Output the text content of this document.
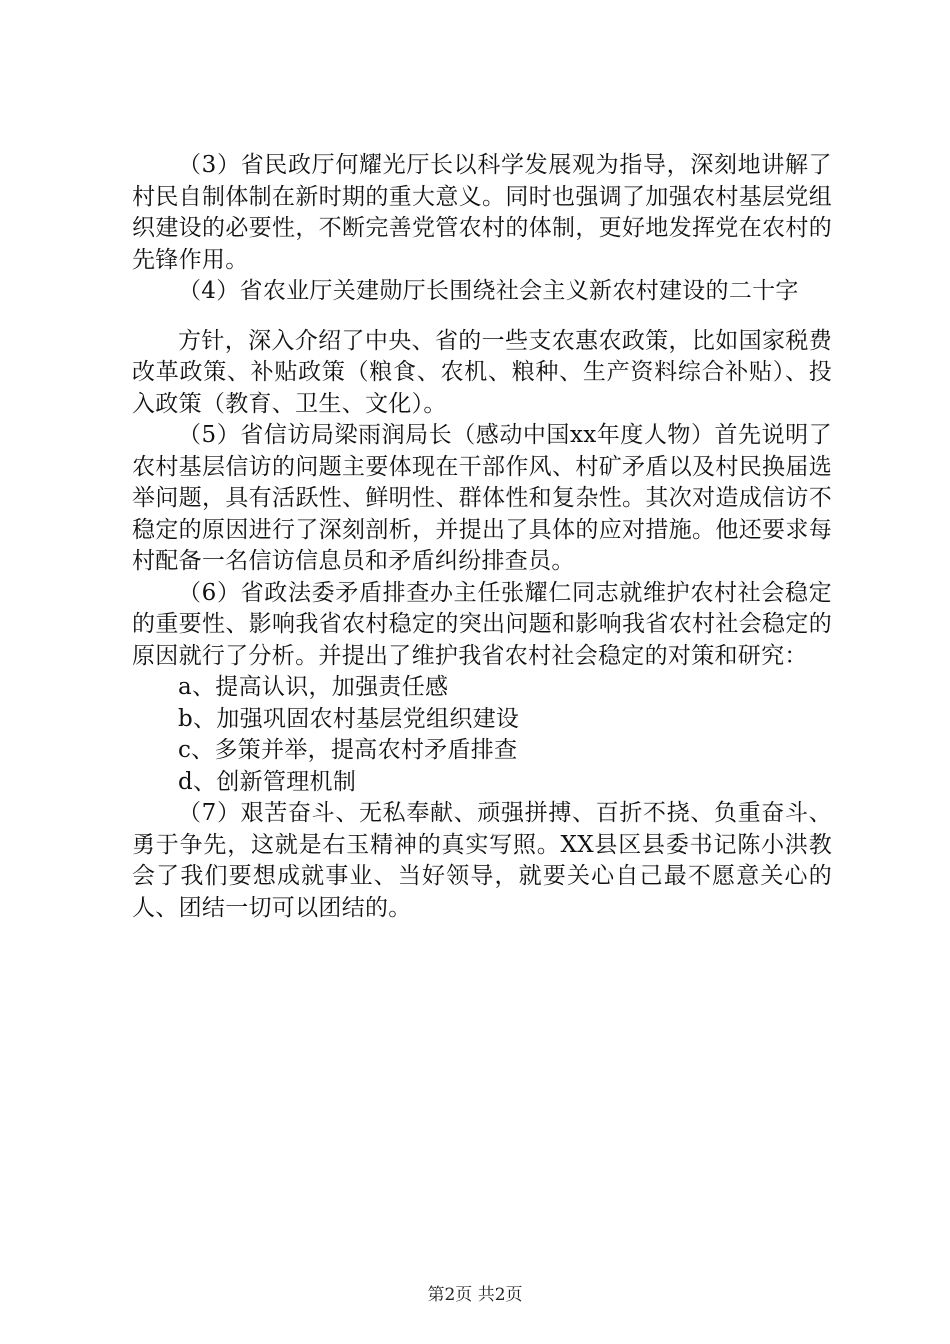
（3）省民政厅何耀光厅长以科学发展观为指导，深刻地讲解了村民自制体制在新时期的重大意义。同时也强调了加强农村基层党组织建设的必要性，不断完善党管农村的体制，更好地发挥党在农村的先锋作用。

（4）省农业厅关建勋厅长围绕社会主义新农村建设的二十字

方针，深入介绍了中央、省的一些支农惠农政策，比如国家税费改革政策、补贴政策（粮食、农机、粮种、生产资料综合补贴）、投入政策（教育、卫生、文化）。

（5）省信访局梁雨润局长（感动中国xx年度人物）首先说明了农村基层信访的问题主要体现在干部作风、村矿矛盾以及村民换届选举问题，具有活跃性、鲜明性、群体性和复杂性。其次对造成信访不稳定的原因进行了深刻剖析，并提出了具体的应对措施。他还要求每村配备一名信访信息员和矛盾纠纷排查员。

（6）省政法委矛盾排查办主任张耀仁同志就维护农村社会稳定的重要性、影响我省农村稳定的突出问题和影响我省农村社会稳定的原因就行了分析。并提出了维护我省农村社会稳定的对策和研究：

a、提高认识，加强责任感

b、加强巩固农村基层党组织建设

c、多策并举，提高农村矛盾排查

d、创新管理机制

（7）艰苦奋斗、无私奉献、顽强拼搏、百折不挠、负重奋斗、勇于争先，这就是右玉精神的真实写照。XX县区县委书记陈小洪教会了我们要想成就事业、当好领导，就要关心自己最不愿意关心的人、团结一切可以团结的。

第2页 共2页
